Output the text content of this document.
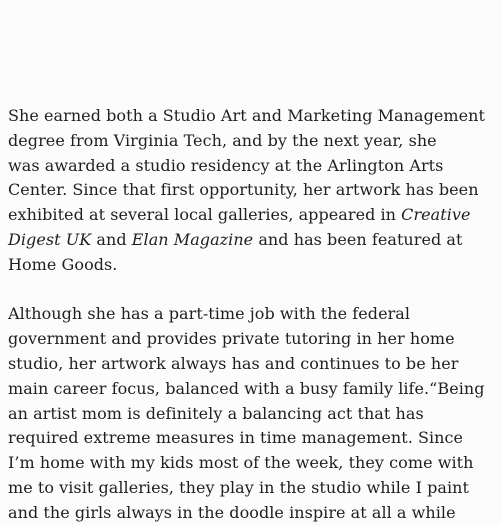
She earned both a Studio Art and Marketing Management
degree from Virginia Tech, and by the next year, she
was awarded a studio residency at the Arlington Arts
Center. Since that first opportunity, her artwork has been
exhibited at several local galleries, appeared in Creative
Digest UK and Elan Magazine and has been featured at
Home Goods.

Although she has a part-time job with the federal
government and provides private tutoring in her home
studio, her artwork always has and continues to be her
main career focus, balanced with a busy family life.“Being
an artist mom is definitely a balancing act that has
required extreme measures in time management. Since
I’m home with my kids most of the week, they come with
me to visit galleries, they play in the studio while I paint
and the girls always in the doodle inspire at all a while
